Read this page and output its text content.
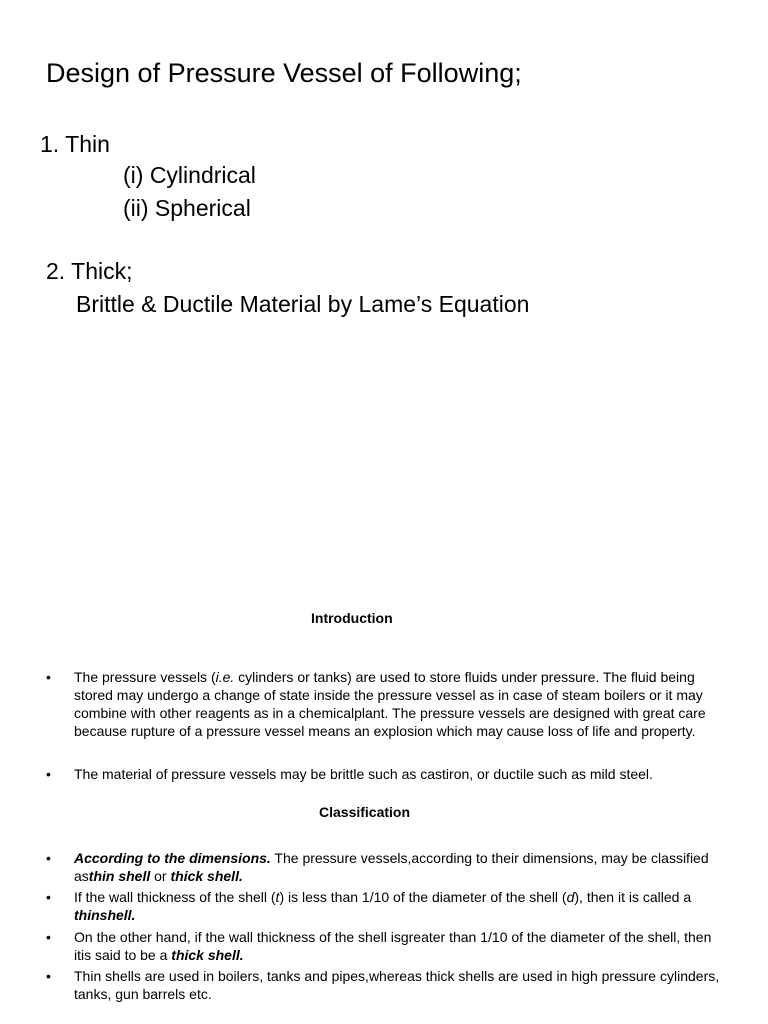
Design of Pressure Vessel of Following;
1. Thin
(i) Cylindrical
(ii) Spherical
2. Thick;
Brittle & Ductile Material by Lame’s Equation
Introduction
• The pressure vessels (i.e. cylinders or tanks) are used to store fluids under pressure. The fluid being stored may undergo a change of state inside the pressure vessel as in case of steam boilers or it may combine with other reagents as in a chemicalplant. The pressure vessels are designed with great care because rupture of a pressure vessel means an explosion which may cause loss of life and property.
• The material of pressure vessels may be brittle such as castiron, or ductile such as mild steel.
Classification
• According to the dimensions. The pressure vessels,according to their dimensions, may be classified asthin shell or thick shell.
• If the wall thickness of the shell (t) is less than 1/10 of the diameter of the shell (d), then it is called a thinshell.
• On the other hand, if the wall thickness of the shell isgreater than 1/10 of the diameter of the shell, then itis said to be a thick shell.
• Thin shells are used in boilers, tanks and pipes,whereas thick shells are used in high pressure cylinders, tanks, gun barrels etc.
